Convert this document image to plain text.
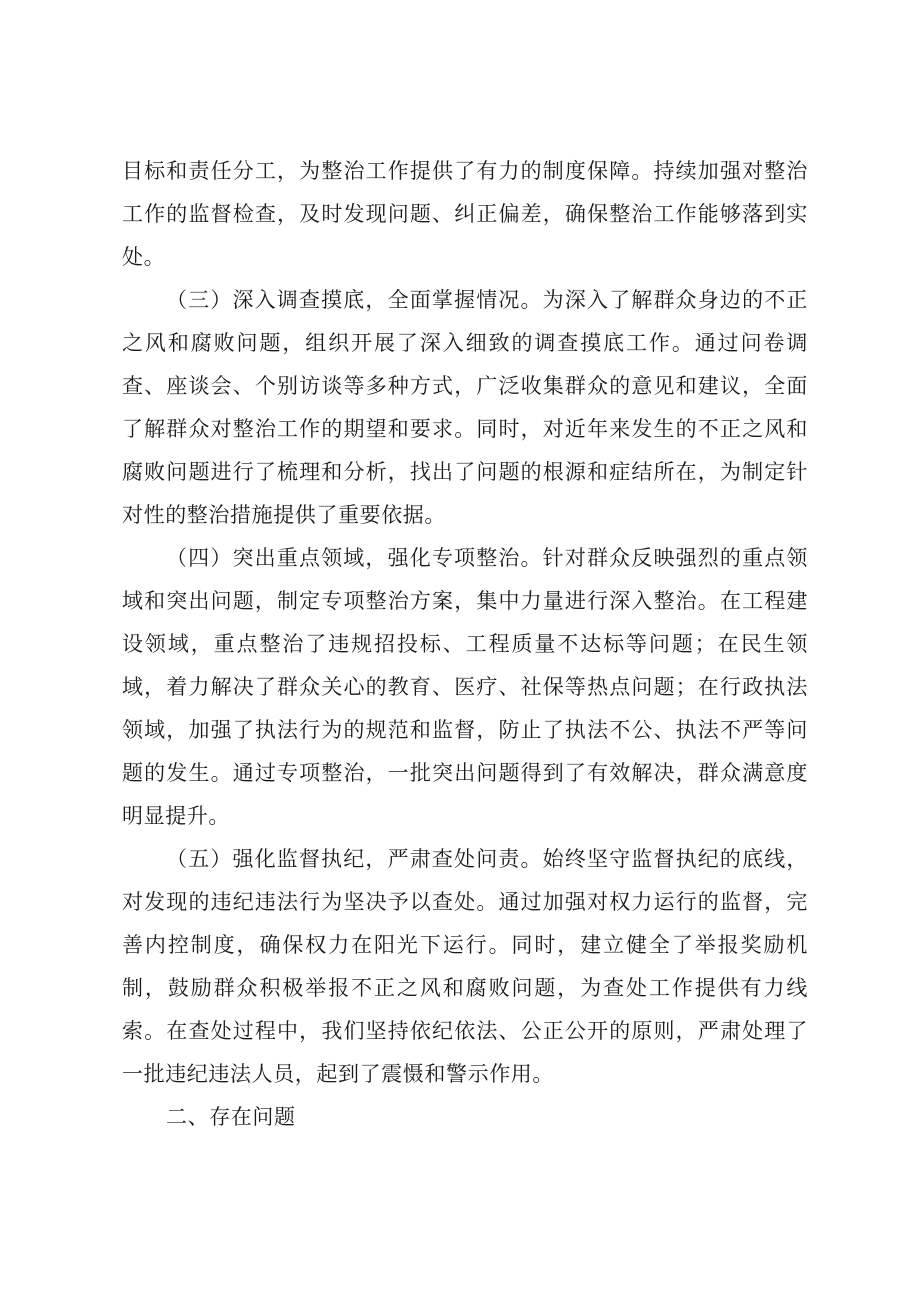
目标和责任分工，为整治工作提供了有力的制度保障。持续加强对整治工作的监督检查，及时发现问题、纠正偏差，确保整治工作能够落到实处。

（三）深入调查摸底，全面掌握情况。为深入了解群众身边的不正之风和腐败问题，组织开展了深入细致的调查摸底工作。通过问卷调查、座谈会、个别访谈等多种方式，广泛收集群众的意见和建议，全面了解群众对整治工作的期望和要求。同时，对近年来发生的不正之风和腐败问题进行了梳理和分析，找出了问题的根源和症结所在，为制定针对性的整治措施提供了重要依据。

（四）突出重点领域，强化专项整治。针对群众反映强烈的重点领域和突出问题，制定专项整治方案，集中力量进行深入整治。在工程建设领域，重点整治了违规招投标、工程质量不达标等问题；在民生领域，着力解决了群众关心的教育、医疗、社保等热点问题；在行政执法领域，加强了执法行为的规范和监督，防止了执法不公、执法不严等问题的发生。通过专项整治，一批突出问题得到了有效解决，群众满意度明显提升。

（五）强化监督执纪，严肃查处问责。始终坚守监督执纪的底线，对发现的违纪违法行为坚决予以查处。通过加强对权力运行的监督，完善内控制度，确保权力在阳光下运行。同时，建立健全了举报奖励机制，鼓励群众积极举报不正之风和腐败问题，为查处工作提供有力线索。在查处过程中，我们坚持依纪依法、公正公开的原则，严肃处理了一批违纪违法人员，起到了震慑和警示作用。

二、存在问题
